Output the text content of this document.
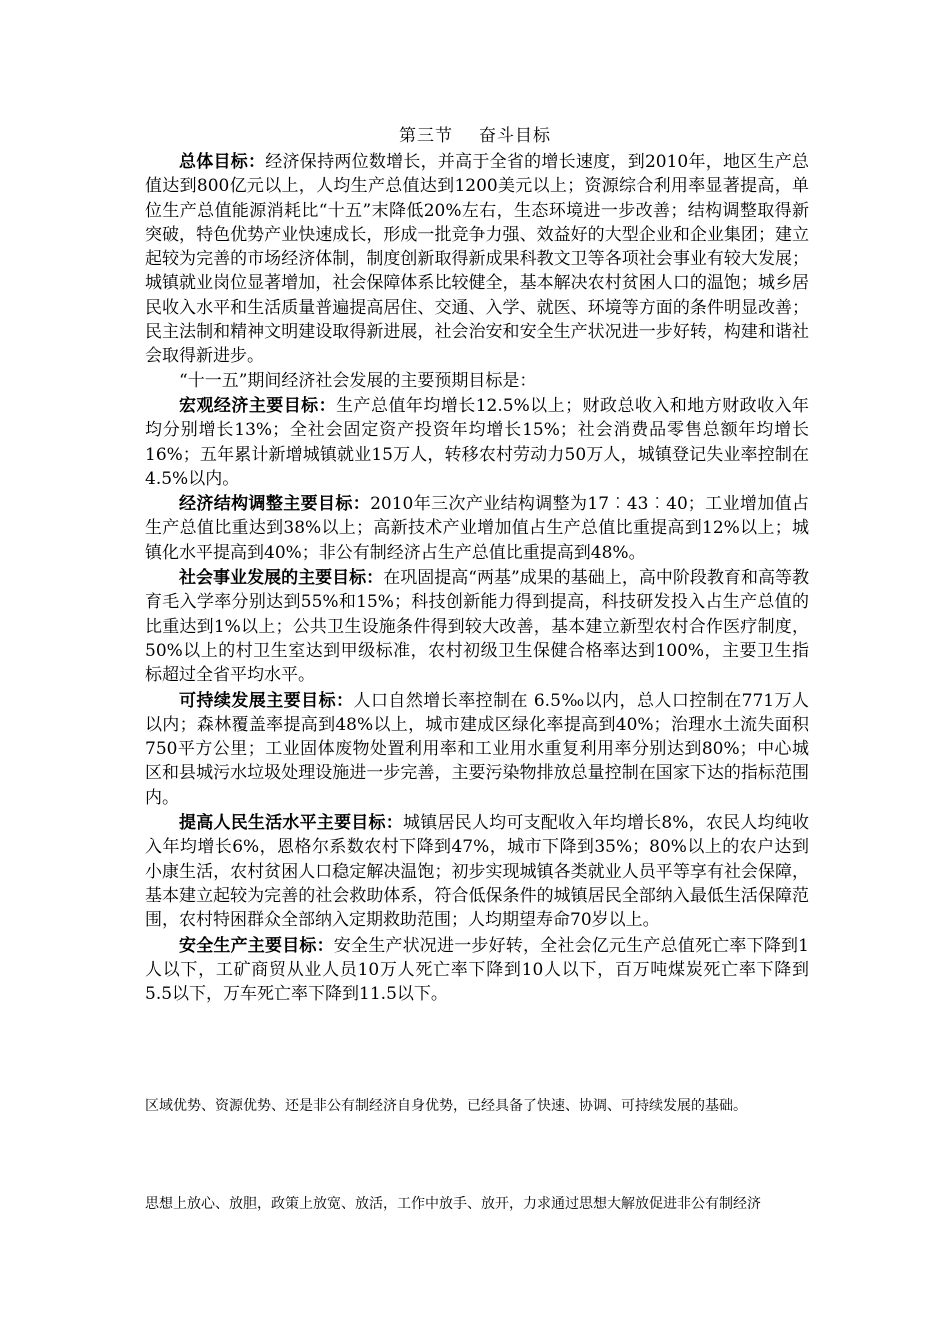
第三节 奋斗目标

总体目标：经济保持两位数增长，并高于全省的增长速度，到2010年，地区生产总值达到800亿元以上，人均生产总值达到1200美元以上；资源综合利用率显著提高，单位生产总值能源消耗比“十五”末降低20%左右，生态环境进一步改善；结构调整取得新突破，特色优势产业快速成长，形成一批竞争力强、效益好的大型企业和企业集团；建立起较为完善的市场经济体制，制度创新取得新成果科教文卫等各项社会事业有较大发展；城镇就业岗位显著增加，社会保障体系比较健全，基本解决农村贫困人口的温饱；城乡居民收入水平和生活质量普遍提高居住、交通、入学、就医、环境等方面的条件明显改善；民主法制和精神文明建设取得新进展，社会治安和安全生产状况进一步好转，构建和谐社会取得新进步。

“十一五”期间经济社会发展的主要预期目标是：

宏观经济主要目标：生产总值年均增长12.5%以上；财政总收入和地方财政收入年均分别增长13%；全社会固定资产投资年均增长15%；社会消费品零售总额年均增长16%；五年累计新增城镇就业15万人，转移农村劳动力50万人，城镇登记失业率控制在4.5%以内。

经济结构调整主要目标：2010年三次产业结构调整为17︰43︰40；工业增加值占生产总值比重达到38%以上；高新技术产业增加值占生产总值比重提高到12%以上；城镇化水平提高到40%；非公有制经济占生产总值比重提高到48%。

社会事业发展的主要目标：在巩固提高“两基”成果的基础上，高中阶段教育和高等教育毛入学率分别达到55%和15%；科技创新能力得到提高，科技研发投入占生产总值的比重达到1%以上；公共卫生设施条件得到较大改善，基本建立新型农村合作医疗制度，50%以上的村卫生室达到甲级标准，农村初级卫生保健合格率达到100%，主要卫生指标超过全省平均水平。

可持续发展主要目标：人口自然增长率控制在 6.5‰以内，总人口控制在771万人以内；森林覆盖率提高到48%以上，城市建成区绿化率提高到40%；治理水土流失面积750平方公里；工业固体废物处置利用率和工业用水重复利用率分别达到80%；中心城区和县城污水垃圾处理设施进一步完善，主要污染物排放总量控制在国家下达的指标范围内。

提高人民生活水平主要目标：城镇居民人均可支配收入年均增长8%，农民人均纯收入年均增长6%，恩格尔系数农村下降到47%，城市下降到35%；80%以上的农户达到小康生活，农村贫困人口稳定解决温饱；初步实现城镇各类就业人员平等享有社会保障，基本建立起较为完善的社会救助体系，符合低保条件的城镇居民全部纳入最低生活保障范围，农村特困群众全部纳入定期救助范围；人均期望寿命70岁以上。

安全生产主要目标：安全生产状况进一步好转，全社会亿元生产总值死亡率下降到1人以下，工矿商贸从业人员10万人死亡率下降到10人以下，百万吨煤炭死亡率下降到5.5以下，万车死亡率下降到11.5以下。

区域优势、资源优势、还是非公有制经济自身优势，已经具备了快速、协调、可持续发展的基础。
思想上放心、放胆，政策上放宽、放活，工作中放手、放开，力求通过思想大解放促进非公有制经济
